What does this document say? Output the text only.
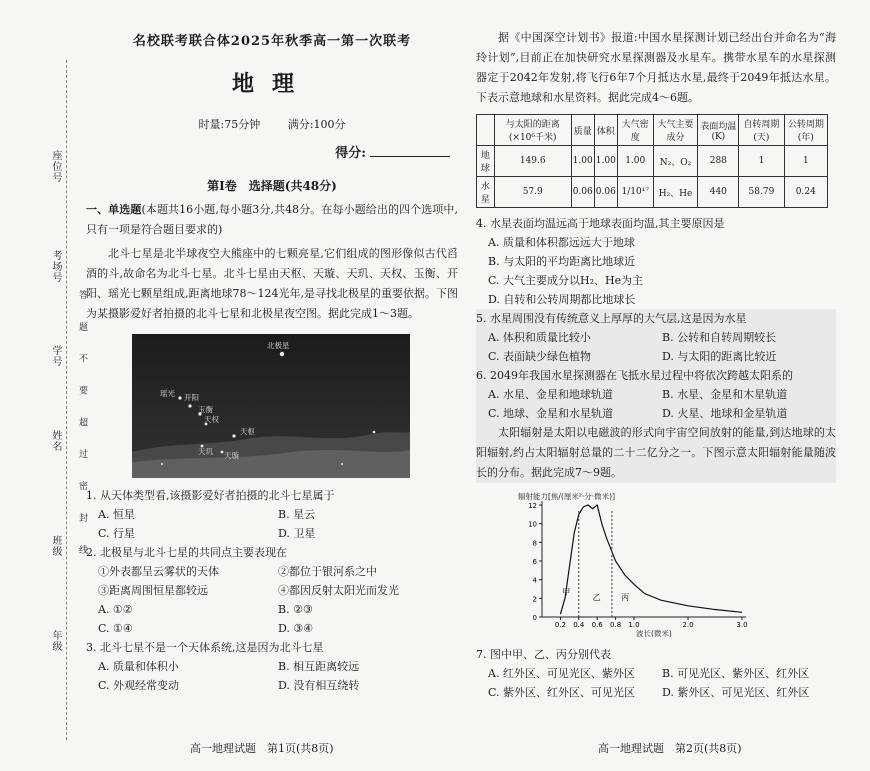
座位号
考场号
学号
姓名
班级
年级
答 题 不 要 超 过 密 封 线
名校联考联合体2025年秋季高一第一次联考
地理
时量:75分钟	满分:100分
得分:
第Ⅰ卷　选择题(共48分)
一、单选题(本题共16小题,每小题3分,共48分。在每小题给出的四个选项中,只有一项是符合题目要求的)
北斗七星是北半球夜空大熊座中的七颗亮星,它们组成的图形像似古代舀酒的斗,故命名为北斗七星。北斗七星由天枢、天璇、天玑、天权、玉衡、开阳、瑶光七颗星组成,距离地球78～124光年,是寻找北极星的重要依据。下图为某摄影爱好者拍摄的北斗七星和北极星夜空图。据此完成1～3题。
北极星
瑶光 开阳
玉衡
天权
天枢
天玑 天璇
1. 从天体类型看,该摄影爱好者拍摄的北斗七星属于
A. 恒星	B. 星云
C. 行星	D. 卫星
2. 北极星与北斗七星的共同点主要表现在
①外表都呈云雾状的天体	②都位于银河系之中
③距离周围恒星都较远	④都因反射太阳光而发光
A. ①②	B. ②③
C. ①④	D. ③④
3. 北斗七星不是一个天体系统,这是因为北斗七星
A. 质量和体积小	B. 相互距离较远
C. 外观经常变动	D. 没有相互绕转
高一地理试题　第1页(共8页)
据《中国深空计划书》报道:中国水星探测计划已经出台并命名为“海玲计划”,目前正在加快研究水星探测器及水星车。携带水星车的水星探测器定于2042年发射,将飞行6年7个月抵达水星,最终于2049年抵达水星。下表示意地球和水星资料。据此完成4～6题。
	与太阳的距离(×10⁶千米)	质量	体积	大气密度	大气主要成分	表面均温(K)	自转周期(天)	公转周期(年)
地球	149.6	1.00	1.00	1.00	N₂、O₂	288	1	1
水星	57.9	0.06	0.06	1/10¹⁷	H₂、He	440	58.79	0.24
4. 水星表面均温远高于地球表面均温,其主要原因是
A. 质量和体积都远远大于地球
B. 与太阳的平均距离比地球近
C. 大气主要成分以H₂、He为主
D. 自转和公转周期都比地球长
5. 水星周围没有传统意义上厚厚的大气层,这是因为水星
A. 体积和质量比较小	B. 公转和自转周期较长
C. 表面缺少绿色植物	D. 与太阳的距离比较近
6. 2049年我国水星探测器在飞抵水星过程中将依次跨越太阳系的
A. 水星、金星和地球轨道	B. 水星、金星和木星轨道
C. 地球、金星和水星轨道	D. 火星、地球和金星轨道
太阳辐射是太阳以电磁波的形式向宇宙空间放射的能量,到达地球的太阳辐射,约占太阳辐射总量的二十二亿分之一。下图示意太阳辐射能量随波长的分布。据此完成7～9题。
辐射能力[焦/(厘米²·分·微米)]
波长(微米)
0
2
4
6
8
10
12
0.2 0.4 0.6 0.8 1.0	2.0	3.0
甲
乙	丙
7. 图中甲、乙、丙分别代表
A. 红外区、可见光区、紫外区	B. 可见光区、紫外区、红外区
C. 紫外区、红外区、可见光区	D. 紫外区、可见光区、红外区
高一地理试题　第2页(共8页)
